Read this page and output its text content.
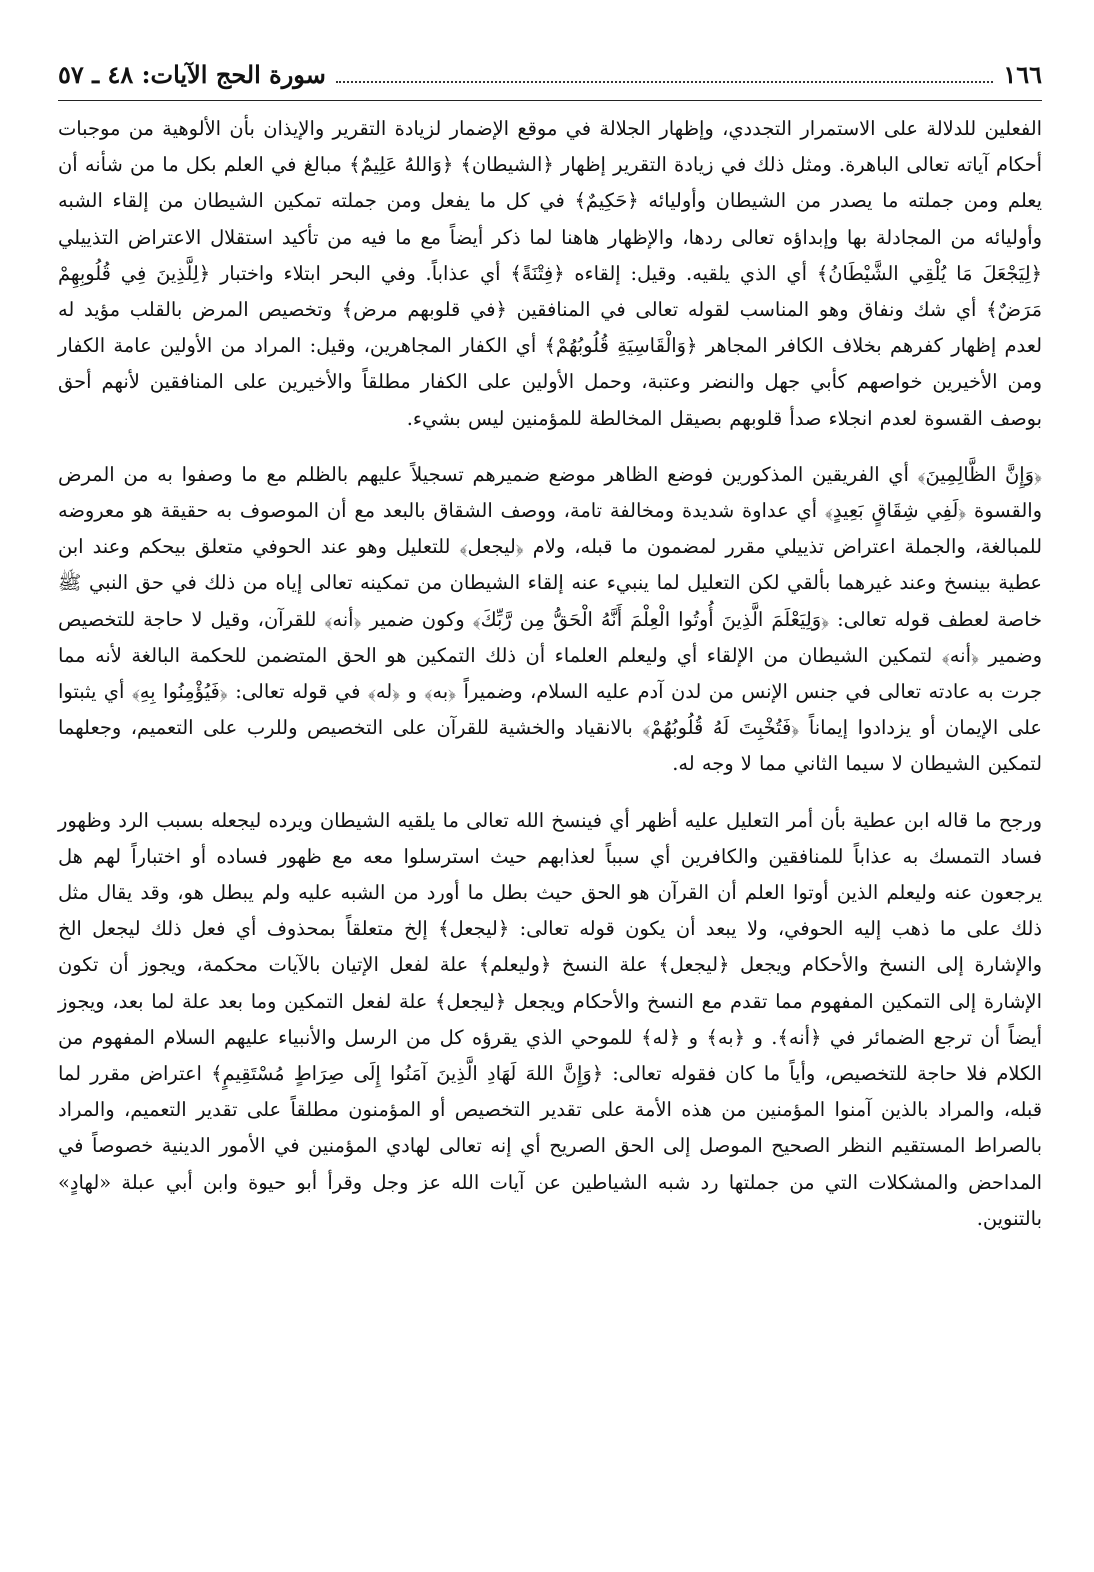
١٦٦
سورة الحج الآيات: ٤٨ ـ ٥٧

الفعلين للدلالة على الاستمرار التجددي، وإظهار الجلالة في موقع الإضمار لزيادة التقرير والإيذان بأن الألوهية من موجبات أحكام آياته تعالى الباهرة. ومثل ذلك في زيادة التقرير إظهار ﴿الشيطان﴾ ﴿وَاللهُ عَلِيمٌ﴾ مبالغ في العلم بكل ما من شأنه أن يعلم ومن جملته ما يصدر من الشيطان وأوليائه ﴿حَكِيمٌ﴾ في كل ما يفعل ومن جملته تمكين الشيطان من إلقاء الشبه وأوليائه من المجادلة بها وإبداؤه تعالى ردها، والإظهار هاهنا لما ذكر أيضاً مع ما فيه من تأكيد استقلال الاعتراض التذييلي ﴿لِيَجْعَلَ مَا يُلْقِي الشَّيْطَانُ﴾ أي الذي يلقيه. وقيل: إلقاءه ﴿فِتْنَةً﴾ أي عذاباً. وفي البحر ابتلاء واختبار ﴿لِلَّذِينَ فِي قُلُوبِهِمْ مَرَضٌ﴾ أي شك ونفاق وهو المناسب لقوله تعالى في المنافقين ﴿في قلوبهم مرض﴾ وتخصيص المرض بالقلب مؤيد له لعدم إظهار كفرهم بخلاف الكافر المجاهر ﴿وَالْقَاسِيَةِ قُلُوبُهُمْ﴾ أي الكفار المجاهرين، وقيل: المراد من الأولين عامة الكفار ومن الأخيرين خواصهم كأبي جهل والنضر وعتبة، وحمل الأولين على الكفار مطلقاً والأخيرين على المنافقين لأنهم أحق بوصف القسوة لعدم انجلاء صدأ قلوبهم بصيقل المخالطة للمؤمنين ليس بشيء.

﴿وَإِنَّ الظَّالِمِينَ﴾ أي الفريقين المذكورين فوضع الظاهر موضع ضميرهم تسجيلاً عليهم بالظلم مع ما وصفوا به من المرض والقسوة ﴿لَفِي شِقَاقٍ بَعِيدٍ﴾ أي عداوة شديدة ومخالفة تامة، ووصف الشقاق بالبعد مع أن الموصوف به حقيقة هو معروضه للمبالغة، والجملة اعتراض تذييلي مقرر لمضمون ما قبله، ولام ﴿ليجعل﴾ للتعليل وهو عند الحوفي متعلق بيحكم وعند ابن عطية بينسخ وعند غيرهما بألقي لكن التعليل لما ينبيء عنه إلقاء الشيطان من تمكينه تعالى إياه من ذلك في حق النبي ﷺ خاصة لعطف قوله تعالى: ﴿وَلِيَعْلَمَ الَّذِينَ أُوتُوا الْعِلْمَ أَنَّهُ الْحَقُّ مِن رَّبِّكَ﴾ وكون ضمير ﴿أنه﴾ للقرآن، وقيل لا حاجة للتخصيص وضمير ﴿أنه﴾ لتمكين الشيطان من الإلقاء أي وليعلم العلماء أن ذلك التمكين هو الحق المتضمن للحكمة البالغة لأنه مما جرت به عادته تعالى في جنس الإنس من لدن آدم عليه السلام، وضميراً ﴿به﴾ و ﴿له﴾ في قوله تعالى: ﴿فَيُؤْمِنُوا بِهِ﴾ أي يثبتوا على الإيمان أو يزدادوا إيماناً ﴿فَتُخْبِتَ لَهُ قُلُوبُهُمْ﴾ بالانقياد والخشية للقرآن على التخصيص وللرب على التعميم، وجعلهما لتمكين الشيطان لا سيما الثاني مما لا وجه له.

ورجح ما قاله ابن عطية بأن أمر التعليل عليه أظهر أي فينسخ الله تعالى ما يلقيه الشيطان ويرده ليجعله بسبب الرد وظهور فساد التمسك به عذاباً للمنافقين والكافرين أي سبباً لعذابهم حيث استرسلوا معه مع ظهور فساده أو اختباراً لهم هل يرجعون عنه وليعلم الذين أوتوا العلم أن القرآن هو الحق حيث بطل ما أورد من الشبه عليه ولم يبطل هو، وقد يقال مثل ذلك على ما ذهب إليه الحوفي، ولا يبعد أن يكون قوله تعالى: ﴿ليجعل﴾ إلخ متعلقاً بمحذوف أي فعل ذلك ليجعل الخ والإشارة إلى النسخ والأحكام ويجعل ﴿ليجعل﴾ علة النسخ ﴿وليعلم﴾ علة لفعل الإتيان بالآيات محكمة، ويجوز أن تكون الإشارة إلى التمكين المفهوم مما تقدم مع النسخ والأحكام ويجعل ﴿ليجعل﴾ علة لفعل التمكين وما بعد علة لما بعد، ويجوز أيضاً أن ترجع الضمائر في ﴿أنه﴾. و ﴿به﴾ و ﴿له﴾ للموحي الذي يقرؤه كل من الرسل والأنبياء عليهم السلام المفهوم من الكلام فلا حاجة للتخصيص، وأياً ما كان فقوله تعالى: ﴿وَإِنَّ اللهَ لَهَادِ الَّذِينَ آمَنُوا إِلَى صِرَاطٍ مُسْتَقِيمٍ﴾ اعتراض مقرر لما قبله، والمراد بالذين آمنوا المؤمنين من هذه الأمة على تقدير التخصيص أو المؤمنون مطلقاً على تقدير التعميم، والمراد بالصراط المستقيم النظر الصحيح الموصل إلى الحق الصريح أي إنه تعالى لهادي المؤمنين في الأمور الدينية خصوصاً في المداحض والمشكلات التي من جملتها رد شبه الشياطين عن آيات الله عز وجل وقرأ أبو حيوة وابن أبي عبلة «لهادٍ» بالتنوين.
